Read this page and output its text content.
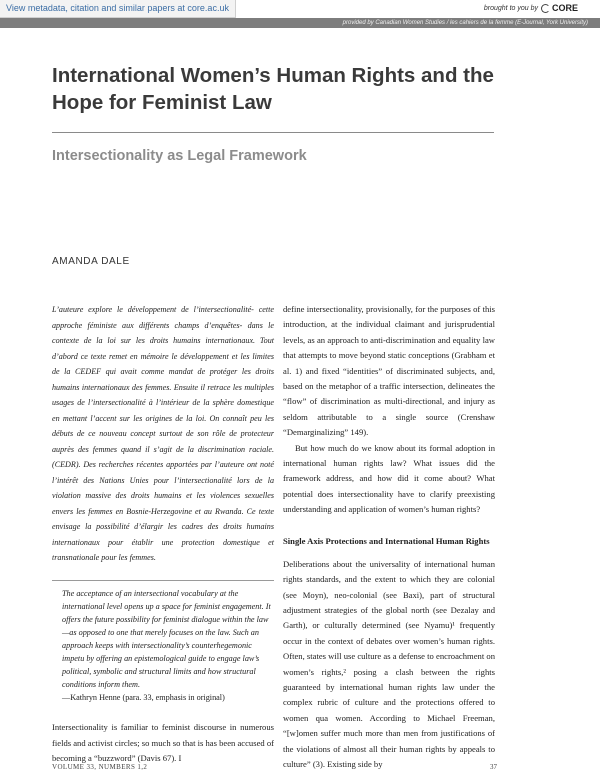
View metadata, citation and similar papers at core.ac.uk	brought to you by CORE
provided by Canadian Women Studies / les cahiers de la femme (E-Journal, York University)
International Women’s Human Rights and the Hope for Feminist Law
Intersectionality as Legal Framework

AMANDA DALE

L’auteure explore le développement de l’intersectionalité- cette approche féministe aux différents champs d’enquêtes- dans le contexte de la loi sur les droits humains internationaux. Tout d’abord ce texte remet en mémoire le développement et les limites de la CEDEF qui avait comme mandat de protéger les droits humains internationaux des femmes. Ensuite il retrace les multiples usages de l’intersectionalité à l’intérieur de la sphère domestique en mettant l’accent sur les origines de la loi. On connaît peu les débuts de ce nouveau concept surtout de son rôle de protecteur auprès des femmes quand il s’agit de la discrimination raciale. (CEDR). Des recherches récentes apportées par l’auteure ont noté l’intérêt des Nations Unies pour l’intersectionalité lors de la violation massive des droits humains et les violences sexuelles envers les femmes en Bosnie-Herzegovine et au Rwanda. Ce texte envisage la possibilité d’élargir les cadres des droits humains internationaux pour établir une protection domestique et transnationale pour les femmes.

The acceptance of an intersectional vocabulary at the international level opens up a space for feminist engagement. It offers the future possibility for feminist dialogue within the law—as opposed to one that merely focuses on the law. Such an approach keeps with intersectionality’s counterhegemonic impetu by offering an epistemological guide to engage law’s political, symbolic and structural limits and how structural conditions inform them.

—Kathryn Henne (para. 33, emphasis in original)

Intersectionality is familiar to feminist discourse in numerous fields and activist circles; so much so that is has been accused of becoming a “buzzword” (Davis 67). I

define intersectionality, provisionally, for the purposes of this introduction, at the individual claimant and jurisprudential levels, as an approach to anti-discrimination and equality law that attempts to move beyond static conceptions (Grabham et al. 1) and fixed “identities” of discriminated subjects, and, based on the metaphor of a traffic intersection, delineates the “flow” of discrimination as multi-directional, and injury as seldom attributable to a single source (Crenshaw “Demarginalizing” 149).

But how much do we know about its formal adoption in international human rights law? What issues did the framework address, and how did it come about? What potential does intersectionality have to clarify preexisting understanding and application of women’s human rights?

Single Axis Protections and International Human Rights

Deliberations about the universality of international human rights standards, and the extent to which they are colonial (see Moyn), neo-colonial (see Baxi), part of structural adjustment strategies of the global north (see Dezalay and Garth), or culturally determined (see Nyamu)¹ frequently occur in the context of debates over women’s human rights. Often, states will use culture as a defense to encroachment on women’s rights,² posing a clash between the rights guaranteed by international human rights law under the complex rubric of culture and the protections offered to women qua women. According to Michael Freeman, “[w]omen suffer much more than men from justifications of the violations of almost all their human rights by appeals to culture” (3). Existing side by

VOLUME 33, NUMBERS 1,2	37
